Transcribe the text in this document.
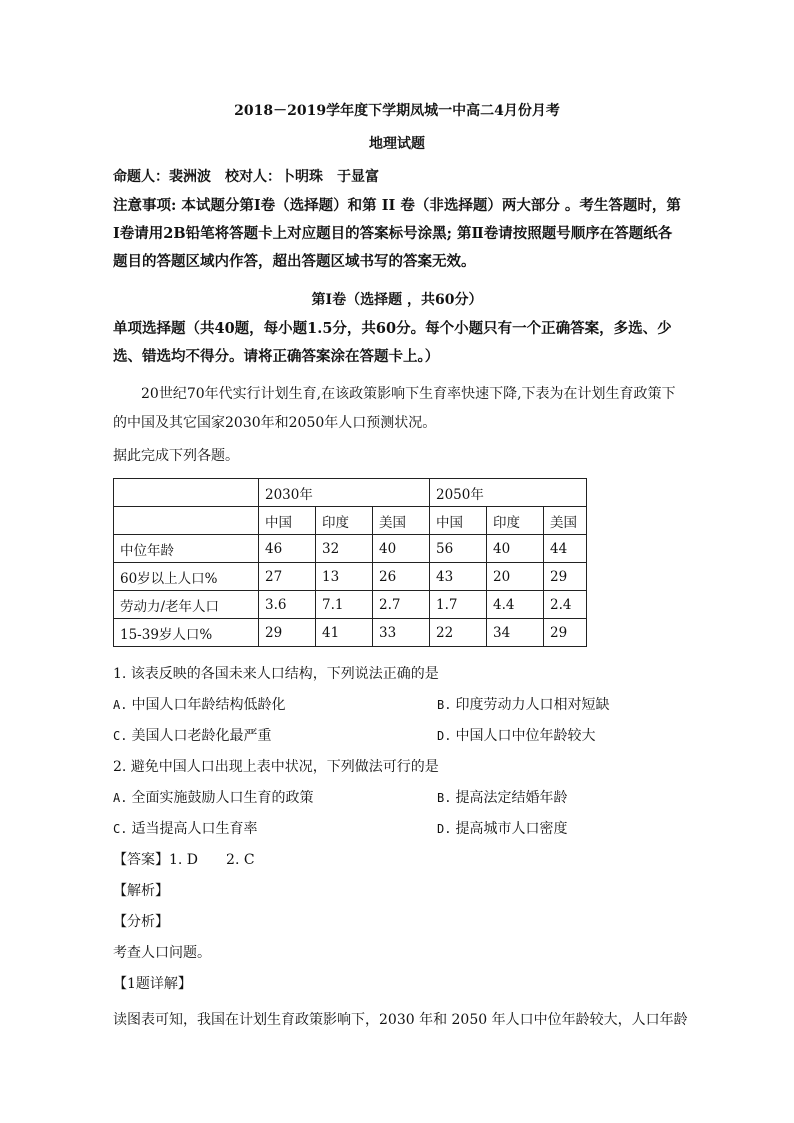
2018－2019学年度下学期凤城一中高二4月份月考
地理试题
命题人：裴洲波　校对人：卜明珠　于显富
注意事项: 本试题分第Ⅰ卷（选择题）和第 II 卷（非选择题）两大部分 。考生答题时，第Ⅰ卷请用2B铅笔将答题卡上对应题目的答案标号涂黑; 第Ⅱ卷请按照题号顺序在答题纸各题目的答题区域内作答，超出答题区域书写的答案无效。
第Ⅰ卷（选择题 ，共60分）
单项选择题（共40题，每小题1.5分，共60分。每个小题只有一个正确答案，多选、少选、错选均不得分。请将正确答案涂在答题卡上。）
20世纪70年代实行计划生育,在该政策影响下生育率快速下降,下表为在计划生育政策下的中国及其它国家2030年和2050年人口预测状况。
据此完成下列各题。
	2030年			2050年		
	中国	印度	美国	中国	印度	美国
中位年龄	46	32	40	56	40	44
60岁以上人口%	27	13	26	43	20	29
劳动力/老年人口	3.6	7.1	2.7	1.7	4.4	2.4
15-39岁人口%	29	41	33	22	34	29
1. 该表反映的各国未来人口结构，下列说法正确的是
A. 中国人口年龄结构低龄化	B. 印度劳动力人口相对短缺
C. 美国人口老龄化最严重	D. 中国人口中位年龄较大
2. 避免中国人口出现上表中状况，下列做法可行的是
A. 全面实施鼓励人口生育的政策	B. 提高法定结婚年龄
C. 适当提高人口生育率	D. 提高城市人口密度
【答案】1. D　　2. C
【解析】
【分析】
考查人口问题。
【1题详解】
读图表可知，我国在计划生育政策影响下，2030 年和 2050 年人口中位年龄较大，人口年龄
